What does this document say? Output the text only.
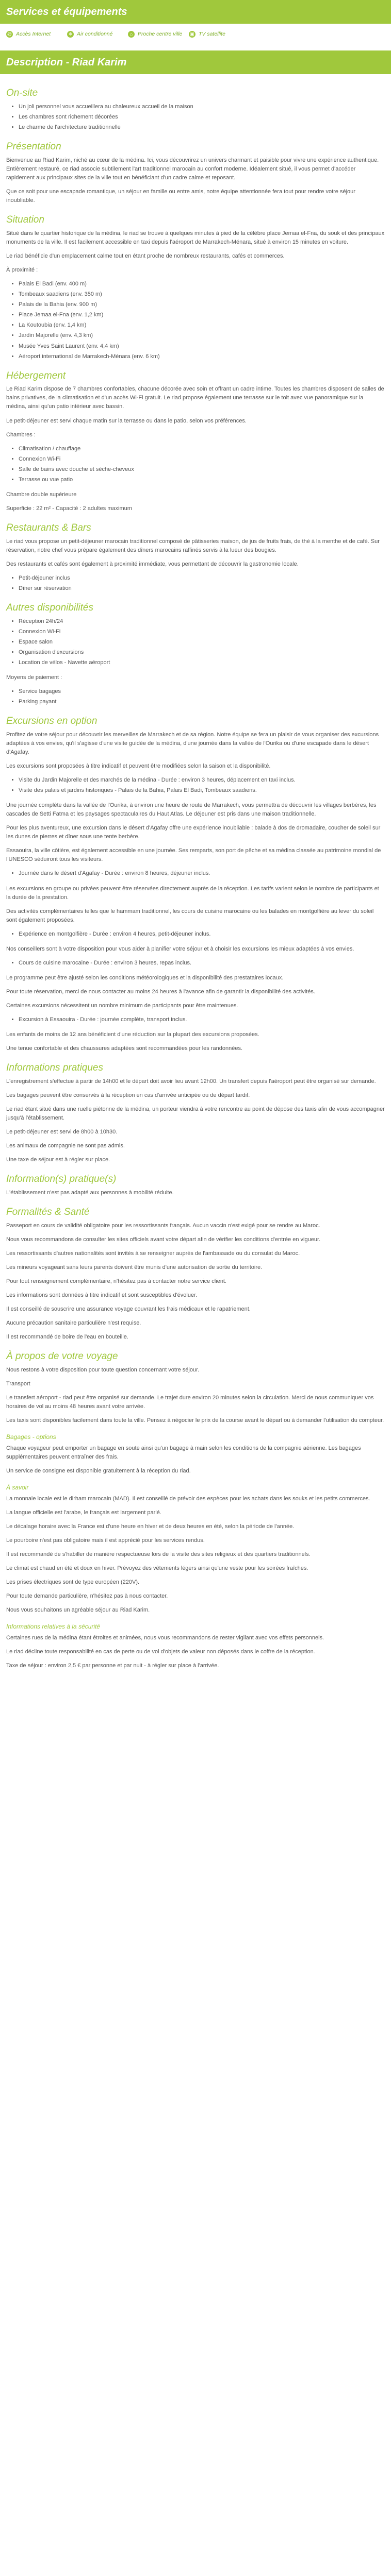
Services et équipements
@ Accès Internet	❄ Air conditionné	⌂ Proche centre ville ▣ TV satellite
Description - Riad Karim
On-site
• Un joli personnel vous accueillera au chaleureux accueil de la maison
• Les chambres sont richement décorées
• Le charme de l'architecture traditionnelle
Présentation

Bienvenue au Riad Karim, niché au cœur de la médina. Ici, vous découvrirez un univers charmant et paisible pour vivre une expérience authentique. Entièrement restauré, ce riad associe subtilement l'art traditionnel marocain au confort moderne. Idéalement situé, il vous permet d'accéder rapidement aux principaux sites de la ville tout en bénéficiant d'un cadre calme et reposant.

Que ce soit pour une escapade romantique, un séjour en famille ou entre amis, notre équipe attentionnée fera tout pour rendre votre séjour inoubliable.

Situation

Situé dans le quartier historique de la médina, le riad se trouve à quelques minutes à pied de la célèbre place Jemaa el-Fna, du souk et des principaux monuments de la ville. Il est facilement accessible en taxi depuis l'aéroport de Marrakech-Ménara, situé à environ 15 minutes en voiture.

Le riad bénéficie d'un emplacement calme tout en étant proche de nombreux restaurants, cafés et commerces.

À proximité :

• Palais El Badi (env. 400 m)
• Tombeaux saadiens (env. 350 m)
• Palais de la Bahia (env. 900 m)
• Place Jemaa el-Fna (env. 1,2 km)
• La Koutoubia (env. 1,4 km)
• Jardin Majorelle (env. 4,3 km)
• Musée Yves Saint Laurent (env. 4,4 km)
• Aéroport international de Marrakech-Ménara (env. 6 km)
Hébergement

Le Riad Karim dispose de 7 chambres confortables, chacune décorée avec soin et offrant un cadre intime. Toutes les chambres disposent de salles de bains privatives, de la climatisation et d'un accès Wi-Fi gratuit. Le riad propose également une terrasse sur le toit avec vue panoramique sur la médina, ainsi qu'un patio intérieur avec bassin.

Le petit-déjeuner est servi chaque matin sur la terrasse ou dans le patio, selon vos préférences.

Chambres :

• Climatisation / chauffage
• Connexion Wi-Fi
• Salle de bains avec douche et sèche-cheveux
• Terrasse ou vue patio

Chambre double supérieure

Superficie : 22 m² - Capacité : 2 adultes maximum

Restaurants & Bars

Le riad vous propose un petit-déjeuner marocain traditionnel composé de pâtisseries maison, de jus de fruits frais, de thé à la menthe et de café. Sur réservation, notre chef vous prépare également des dîners marocains raffinés servis à la lueur des bougies.

Des restaurants et cafés sont également à proximité immédiate, vous permettant de découvrir la gastronomie locale.

• Petit-déjeuner inclus
• Dîner sur réservation
Autres disponibilités
• Réception 24h/24
• Connexion Wi-Fi
• Espace salon
• Organisation d'excursions
• Location de vélos - Navette aéroport

Moyens de paiement :

• Service bagages
• Parking payant
Excursions en option

Profitez de votre séjour pour découvrir les merveilles de Marrakech et de sa région. Notre équipe se fera un plaisir de vous organiser des excursions adaptées à vos envies, qu'il s'agisse d'une visite guidée de la médina, d'une journée dans la vallée de l'Ourika ou d'une escapade dans le désert d'Agafay.

Les excursions sont proposées à titre indicatif et peuvent être modifiées selon la saison et la disponibilité.

• Visite du Jardin Majorelle et des marchés de la médina - Durée : environ 3 heures, déplacement en taxi inclus.
• Visite des palais et jardins historiques - Palais de la Bahia, Palais El Badi, Tombeaux saadiens.

Une journée complète dans la vallée de l'Ourika, à environ une heure de route de Marrakech, vous permettra de découvrir les villages berbères, les cascades de Setti Fatma et les paysages spectaculaires du Haut Atlas. Le déjeuner est pris dans une maison traditionnelle.

Pour les plus aventureux, une excursion dans le désert d'Agafay offre une expérience inoubliable : balade à dos de dromadaire, coucher de soleil sur les dunes de pierres et dîner sous une tente berbère.

Essaouira, la ville côtière, est également accessible en une journée. Ses remparts, son port de pêche et sa médina classée au patrimoine mondial de l'UNESCO séduiront tous les visiteurs.

• Journée dans le désert d'Agafay - Durée : environ 8 heures, déjeuner inclus.

Les excursions en groupe ou privées peuvent être réservées directement auprès de la réception. Les tarifs varient selon le nombre de participants et la durée de la prestation.

Des activités complémentaires telles que le hammam traditionnel, les cours de cuisine marocaine ou les balades en montgolfière au lever du soleil sont également proposées.

• Expérience en montgolfière - Durée : environ 4 heures, petit-déjeuner inclus.

Nos conseillers sont à votre disposition pour vous aider à planifier votre séjour et à choisir les excursions les mieux adaptées à vos envies.

• Cours de cuisine marocaine - Durée : environ 3 heures, repas inclus.

Le programme peut être ajusté selon les conditions météorologiques et la disponibilité des prestataires locaux.

Pour toute réservation, merci de nous contacter au moins 24 heures à l'avance afin de garantir la disponibilité des activités.

Certaines excursions nécessitent un nombre minimum de participants pour être maintenues.

• Excursion à Essaouira - Durée : journée complète, transport inclus.

Les enfants de moins de 12 ans bénéficient d'une réduction sur la plupart des excursions proposées.

Une tenue confortable et des chaussures adaptées sont recommandées pour les randonnées.

Informations pratiques

L'enregistrement s'effectue à partir de 14h00 et le départ doit avoir lieu avant 12h00. Un transfert depuis l'aéroport peut être organisé sur demande.

Les bagages peuvent être conservés à la réception en cas d'arrivée anticipée ou de départ tardif.

Le riad étant situé dans une ruelle piétonne de la médina, un porteur viendra à votre rencontre au point de dépose des taxis afin de vous accompagner jusqu'à l'établissement.

Le petit-déjeuner est servi de 8h00 à 10h30.

Les animaux de compagnie ne sont pas admis.

Une taxe de séjour est à régler sur place.

Information(s) pratique(s)

L'établissement n'est pas adapté aux personnes à mobilité réduite.

Formalités & Santé

Passeport en cours de validité obligatoire pour les ressortissants français. Aucun vaccin n'est exigé pour se rendre au Maroc.

Nous vous recommandons de consulter les sites officiels avant votre départ afin de vérifier les conditions d'entrée en vigueur.

Les ressortissants d'autres nationalités sont invités à se renseigner auprès de l'ambassade ou du consulat du Maroc.

Les mineurs voyageant sans leurs parents doivent être munis d'une autorisation de sortie du territoire.

Pour tout renseignement complémentaire, n'hésitez pas à contacter notre service client.

Les informations sont données à titre indicatif et sont susceptibles d'évoluer.

Il est conseillé de souscrire une assurance voyage couvrant les frais médicaux et le rapatriement.

Aucune précaution sanitaire particulière n'est requise.

Il est recommandé de boire de l'eau en bouteille.

À propos de votre voyage

Nous restons à votre disposition pour toute question concernant votre séjour.

Transport

Le transfert aéroport - riad peut être organisé sur demande. Le trajet dure environ 20 minutes selon la circulation. Merci de nous communiquer vos horaires de vol au moins 48 heures avant votre arrivée.

Les taxis sont disponibles facilement dans toute la ville. Pensez à négocier le prix de la course avant le départ ou à demander l'utilisation du compteur.

Bagages - options

Chaque voyageur peut emporter un bagage en soute ainsi qu'un bagage à main selon les conditions de la compagnie aérienne. Les bagages supplémentaires peuvent entraîner des frais.

Un service de consigne est disponible gratuitement à la réception du riad.

À savoir

La monnaie locale est le dirham marocain (MAD). Il est conseillé de prévoir des espèces pour les achats dans les souks et les petits commerces.

La langue officielle est l'arabe, le français est largement parlé.

Le décalage horaire avec la France est d'une heure en hiver et de deux heures en été, selon la période de l'année.

Le pourboire n'est pas obligatoire mais il est apprécié pour les services rendus.

Il est recommandé de s'habiller de manière respectueuse lors de la visite des sites religieux et des quartiers traditionnels.

Le climat est chaud en été et doux en hiver. Prévoyez des vêtements légers ainsi qu'une veste pour les soirées fraîches.

Les prises électriques sont de type européen (220V).

Pour toute demande particulière, n'hésitez pas à nous contacter.

Nous vous souhaitons un agréable séjour au Riad Karim.

Informations relatives à la sécurité

Certaines rues de la médina étant étroites et animées, nous vous recommandons de rester vigilant avec vos effets personnels.

Le riad décline toute responsabilité en cas de perte ou de vol d'objets de valeur non déposés dans le coffre de la réception.

Taxe de séjour : environ 2,5 € par personne et par nuit - à régler sur place à l'arrivée.
